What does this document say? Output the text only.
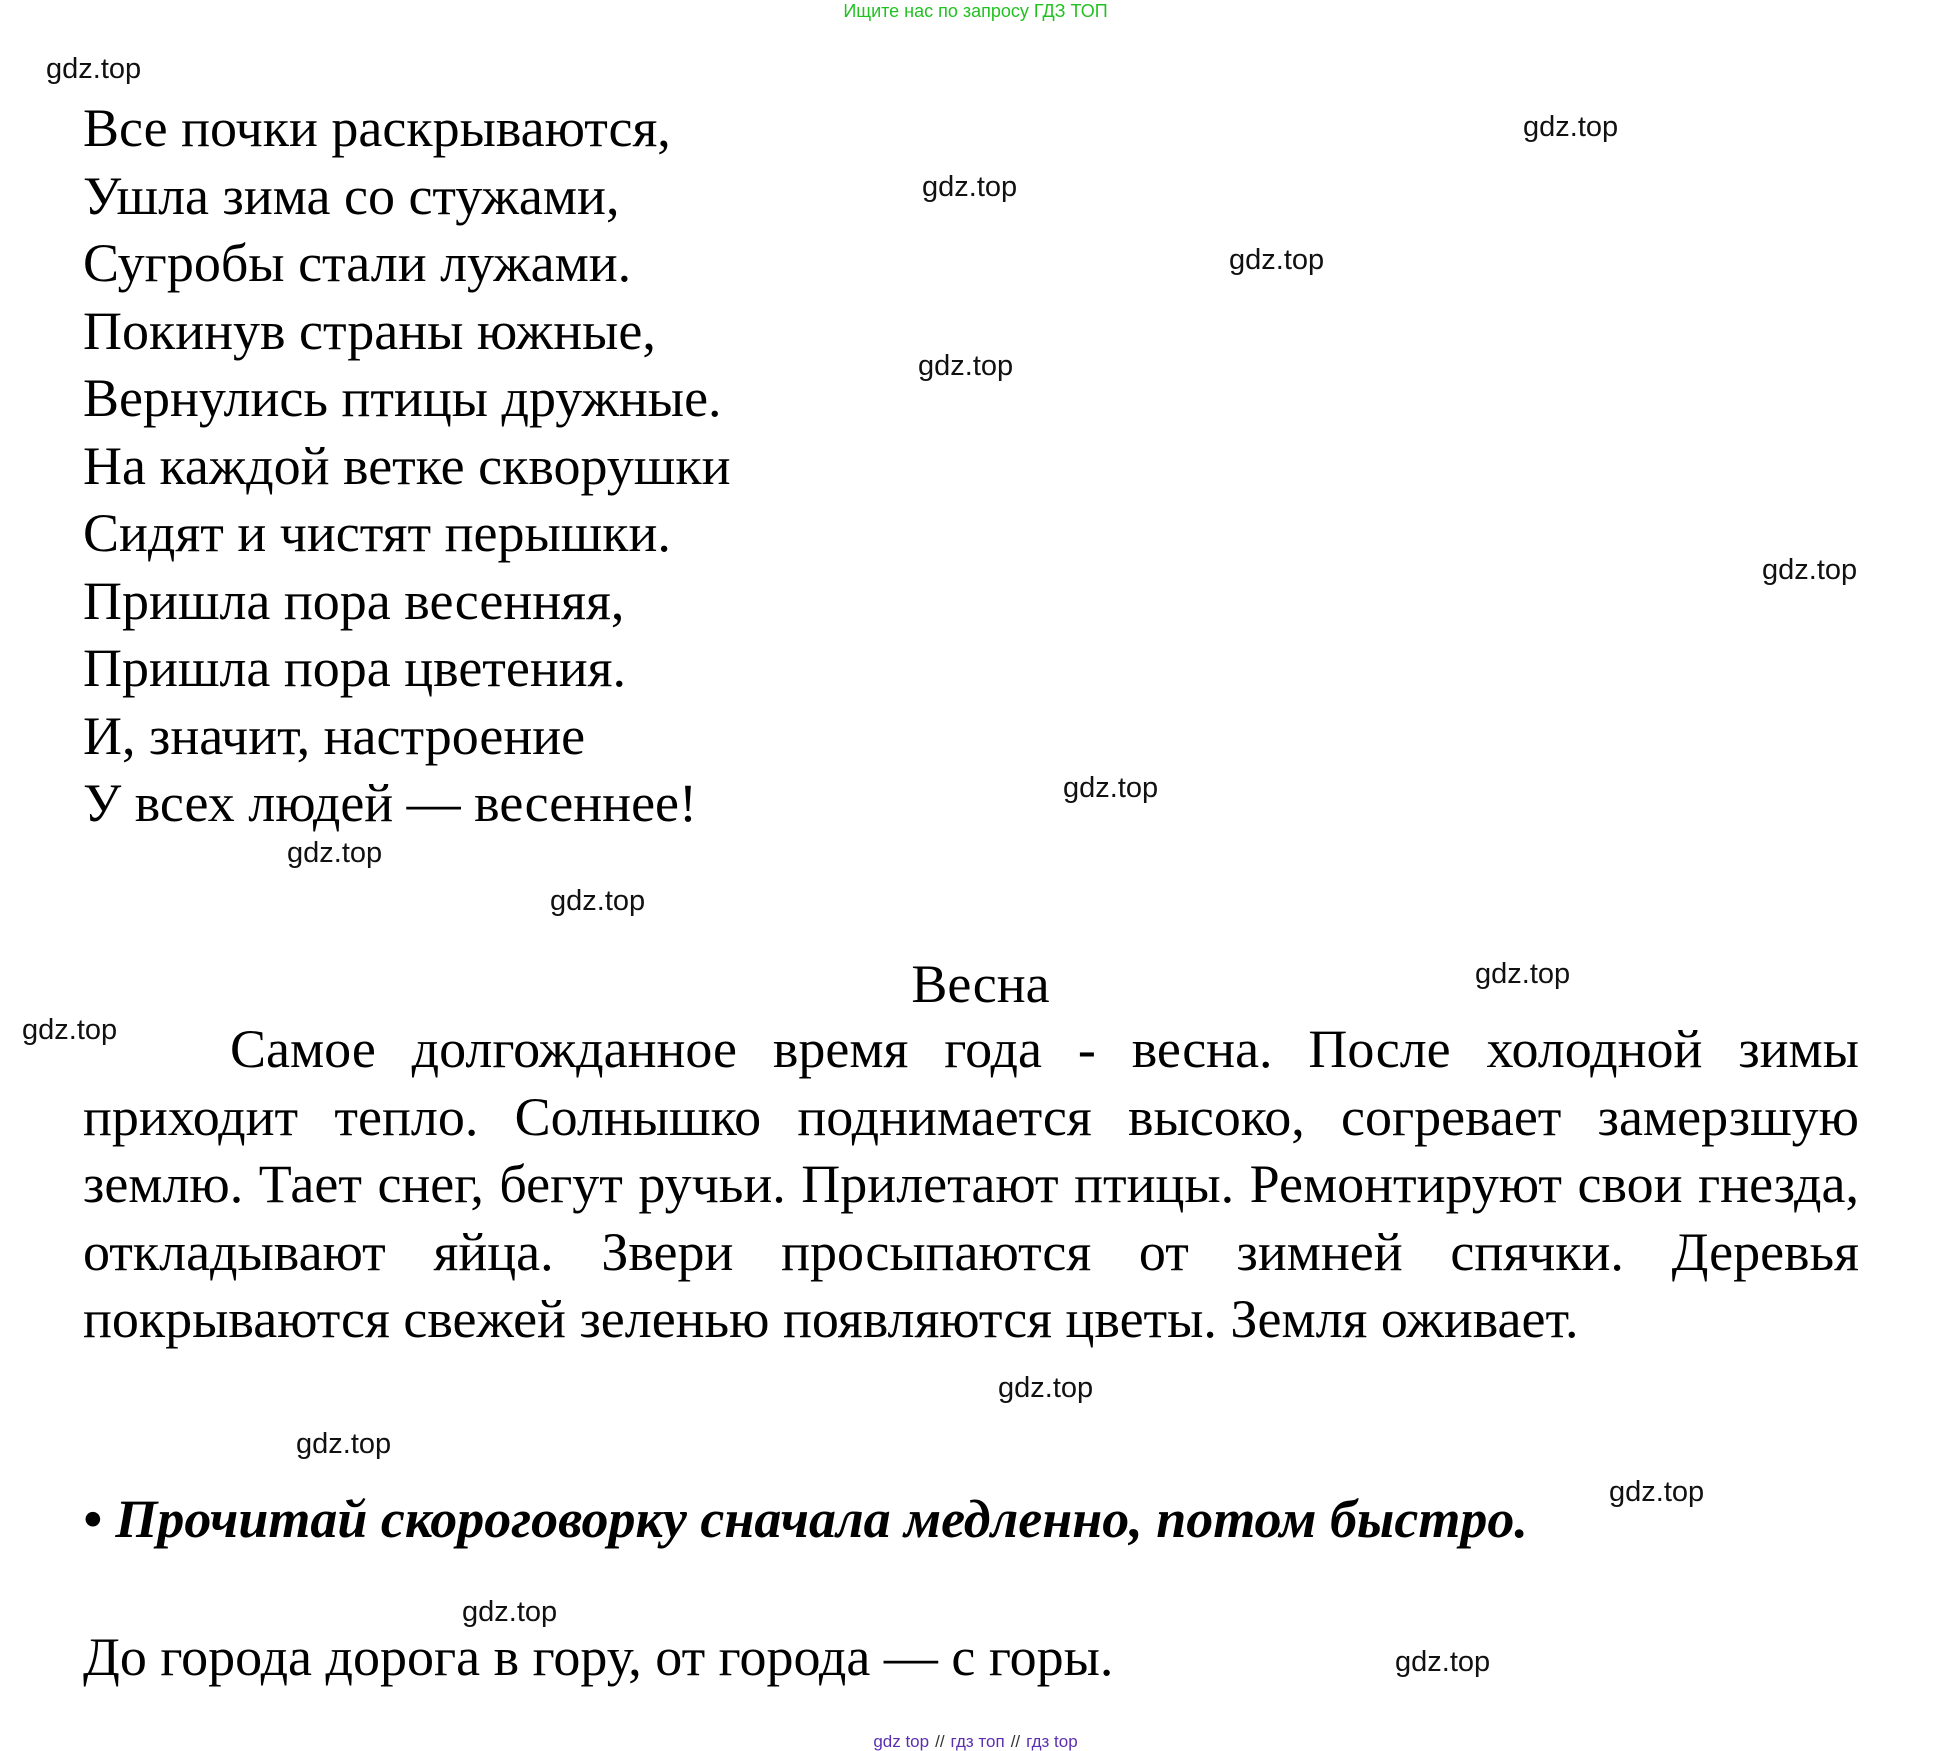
Ищите нас по запросу ГДЗ ТОП
Все почки раскрываются,
Ушла зима со стужами,
Сугробы стали лужами.
Покинув страны южные,
Вернулись птицы дружные.
На каждой ветке скворушки
Сидят и чистят перышки.
Пришла пора весенняя,
Пришла пора цветения.
И, значит, настроение
У всех людей — весеннее!
Весна

Самое долгожданное время года - весна. После холодной зимы приходит тепло. Солнышко поднимается высоко, согревает замерзшую землю. Тает снег, бегут ручьи. Прилетают птицы. Ремонтируют свои гнезда, откладывают яйца. Звери просыпаются от зимней спячки. Деревья покрываются свежей зеленью появляются цветы. Земля оживает.

• Прочитай скороговорку сначала медленно, потом быстро.

До города дорога в гору, от города — с горы.

gdz.top
gdz.top
gdz.top
gdz.top
gdz.top
gdz.top
gdz.top
gdz.top
gdz.top
gdz.top
gdz.top
gdz.top
gdz.top
gdz.top
gdz.top
gdz.top
gdz top // гдз топ // гдз top
